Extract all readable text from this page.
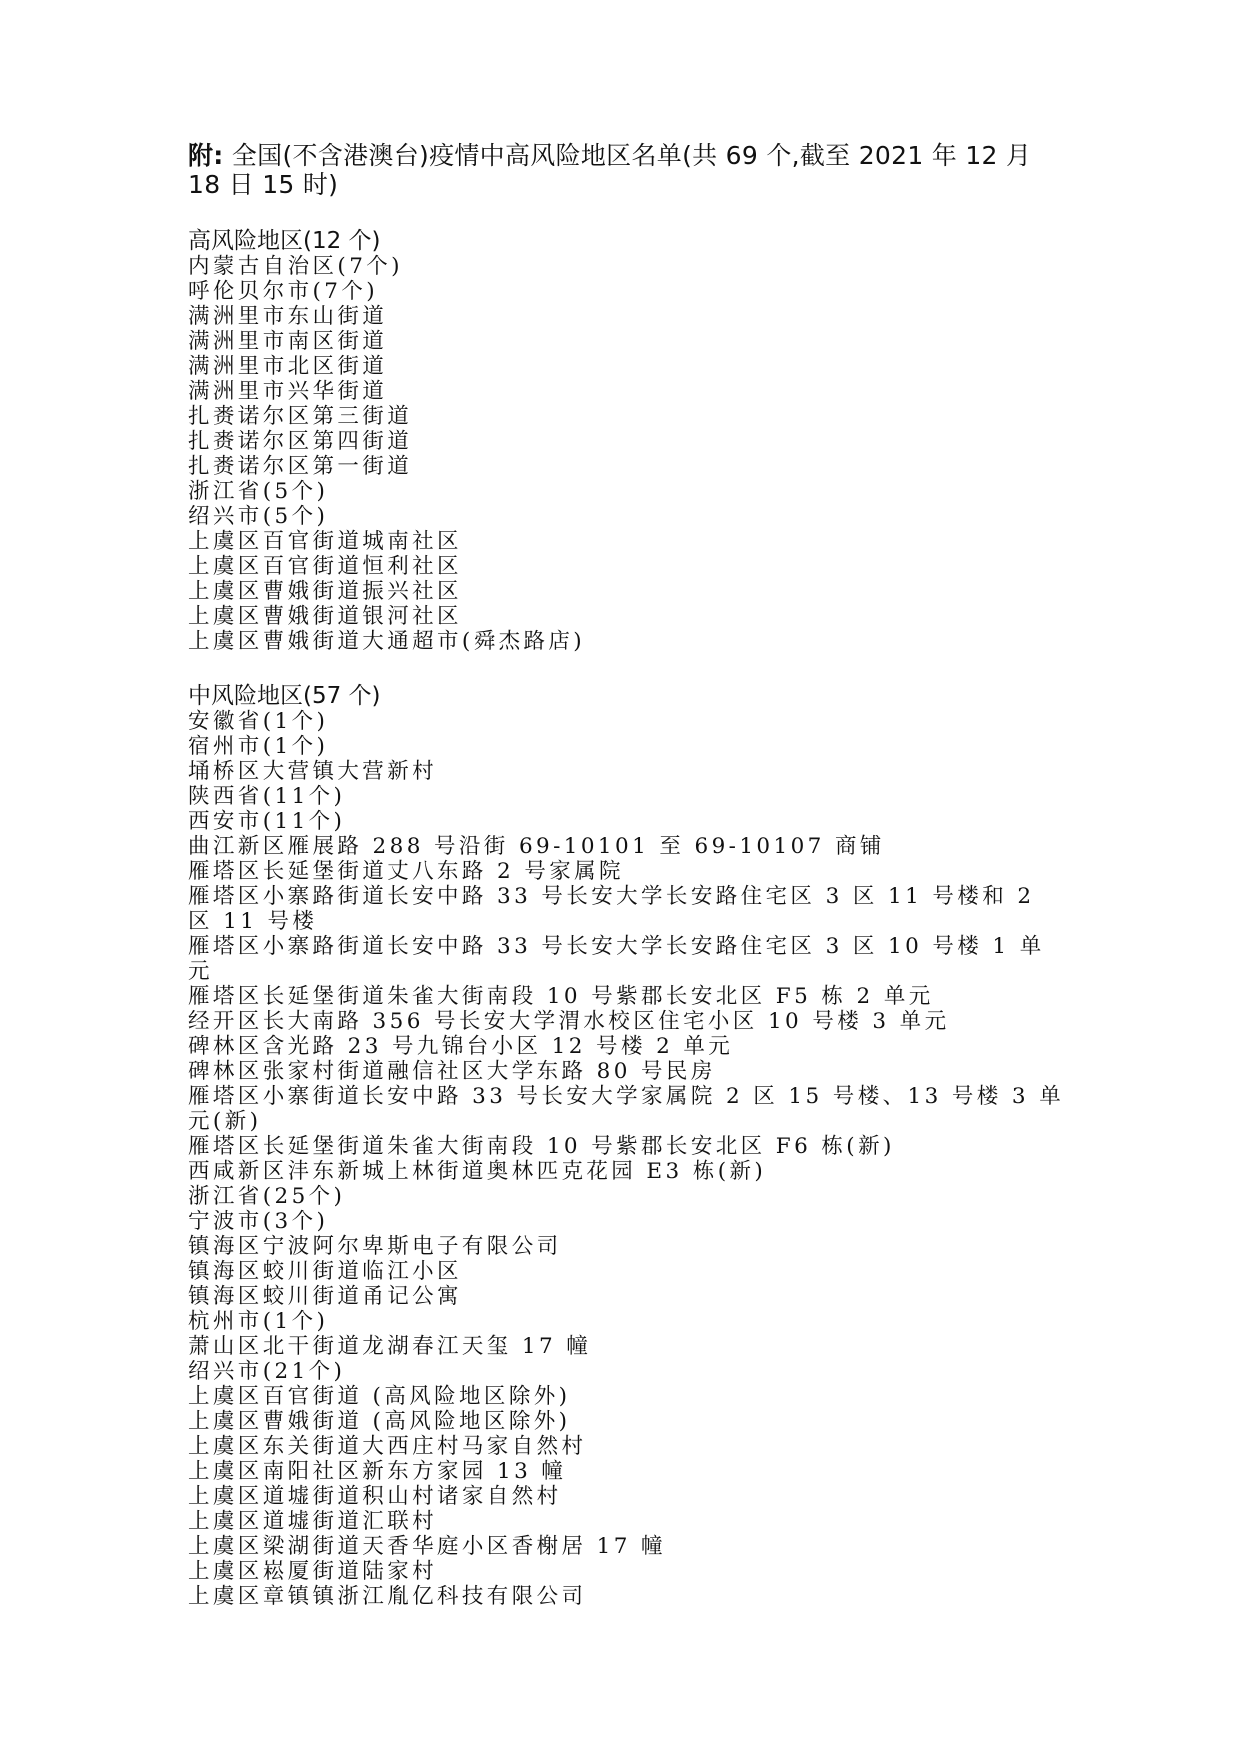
附: 全国(不含港澳台)疫情中高风险地区名单(共 69 个,截至 2021 年 12 月 18 日 15 时)

高风险地区(12 个)

内蒙古自治区(7个)
呼伦贝尔市(7个)
满洲里市东山街道
满洲里市南区街道
满洲里市北区街道
满洲里市兴华街道
扎赉诺尔区第三街道
扎赉诺尔区第四街道
扎赉诺尔区第一街道
浙江省(5个)
绍兴市(5个)
上虞区百官街道城南社区
上虞区百官街道恒利社区
上虞区曹娥街道振兴社区
上虞区曹娥街道银河社区
上虞区曹娥街道大通超市(舜杰路店)

中风险地区(57 个)

安徽省(1个)
宿州市(1个)
埇桥区大营镇大营新村
陕西省(11个)
西安市(11个)
曲江新区雁展路 288 号沿街 69-10101 至 69-10107 商铺
雁塔区长延堡街道丈八东路 2 号家属院
雁塔区小寨路街道长安中路 33 号长安大学长安路住宅区 3 区 11 号楼和 2 区 11 号楼
雁塔区小寨路街道长安中路 33 号长安大学长安路住宅区 3 区 10 号楼 1 单元
雁塔区长延堡街道朱雀大街南段 10 号紫郡长安北区 F5 栋 2 单元
经开区长大南路 356 号长安大学渭水校区住宅小区 10 号楼 3 单元
碑林区含光路 23 号九锦台小区 12 号楼 2 单元
碑林区张家村街道融信社区大学东路 80 号民房
雁塔区小寨街道长安中路 33 号长安大学家属院 2 区 15 号楼、13 号楼 3 单元(新)
雁塔区长延堡街道朱雀大街南段 10 号紫郡长安北区 F6 栋(新)
西咸新区沣东新城上林街道奥林匹克花园 E3 栋(新)
浙江省(25个)
宁波市(3个)
镇海区宁波阿尔卑斯电子有限公司
镇海区蛟川街道临江小区
镇海区蛟川街道甬记公寓
杭州市(1个)
萧山区北干街道龙湖春江天玺 17 幢
绍兴市(21个)
上虞区百官街道 (高风险地区除外)
上虞区曹娥街道 (高风险地区除外)
上虞区东关街道大西庄村马家自然村
上虞区南阳社区新东方家园 13 幢
上虞区道墟街道积山村诸家自然村
上虞区道墟街道汇联村
上虞区梁湖街道天香华庭小区香榭居 17 幢
上虞区崧厦街道陆家村
上虞区章镇镇浙江胤亿科技有限公司
